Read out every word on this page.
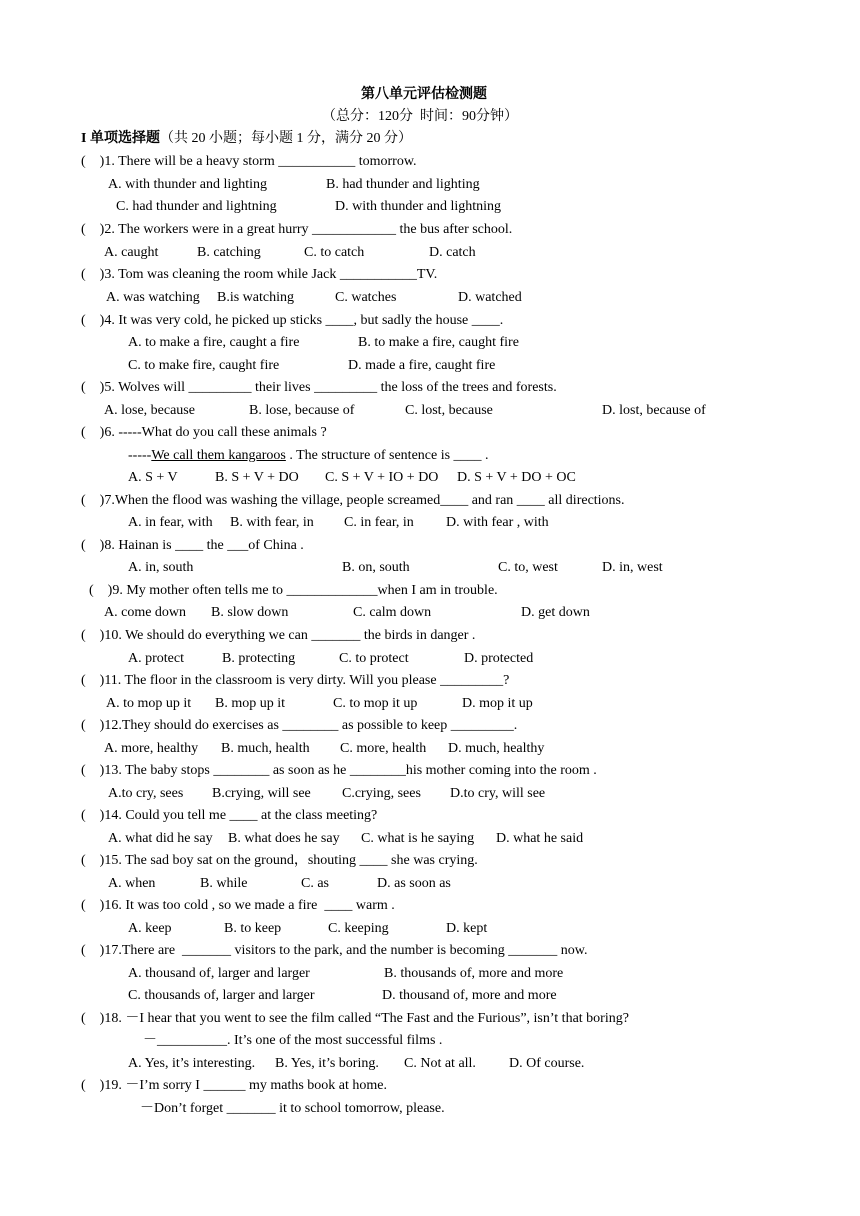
第八单元评估检测题
（总分：120分  时间：90分钟）
I 单项选择题（共 20 小题；每小题 1 分，满分 20 分）
(    )1. There will be a heavy storm ___________ tomorrow.
A. with thunder and lighting	B. had thunder and lighting
C. had thunder and lightning	D. with thunder and lightning
(    )2. The workers were in a great hurry ____________ the bus after school.
A. caught	B. catching	C. to catch	D. catch
(    )3. Tom was cleaning the room while Jack ___________TV.
A. was watching B.is watching	C. watches	D. watched
(    )4. It was very cold, he picked up sticks ____, but sadly the house ____.
A. to make a fire, caught a fire	B. to make a fire, caught fire
C. to make fire, caught fire	D. made a fire, caught fire
(    )5. Wolves will _________ their lives _________ the loss of the trees and forests.
A. lose, because	B. lose, because of	C. lost, because	D. lost, because of
(    )6. -----What do you call these animals ?
-----We call them kangaroos . The structure of sentence is ____ .
A. S + V	B. S + V + DO C. S + V + IO + DO D. S + V + DO + OC
(    )7.When the flood was washing the village, people screamed____ and ran ____ all directions.
A. in fear, with B. with fear, in C. in fear, in D. with fear , with
(    )8. Hainan is ____ the ___of China .
A. in, south	B. on, south	C. to, west	D. in, west
(    )9. My mother often tells me to _____________when I am in trouble.
A. come down B. slow down	C. calm down	D. get down
(    )10. We should do everything we can _______ the birds in danger .
A. protect	B. protecting	C. to protect	D. protected
(    )11. The floor in the classroom is very dirty. Will you please _________?
A. to mop up it B. mop up it	C. to mop it up	D. mop it up
(    )12.They should do exercises as ________ as possible to keep _________.
A. more, healthy B. much, health C. more, health D. much, healthy
(    )13. The baby stops ________ as soon as he ________his mother coming into the room .
A.to cry, sees B.crying, will see C.crying, sees D.to cry, will see
(    )14. Could you tell me ____ at the class meeting?
A. what did he say B. what does he say C. what is he saying D. what he said
(    )15. The sad boy sat on the ground，shouting ____ she was crying.
A. when	B. while	C. as	D. as soon as
(    )16. It was too cold , so we made a fire  ____ warm .
A. keep	B. to keep	C. keeping	D. kept
(    )17.There are  _______ visitors to the park, and the number is becoming _______ now.
A. thousand of, larger and larger	B. thousands of, more and more
C. thousands of, larger and larger	D. thousand of, more and more
(    )18. －I hear that you went to see the film called “The Fast and the Furious”, isn’t that boring?
－__________. It’s one of the most successful films .
A. Yes, it’s interesting. B. Yes, it’s boring. C. Not at all. D. Of course.
(    )19. －I’m sorry I ______ my maths book at home.
－Don’t forget _______ it to school tomorrow, please.
